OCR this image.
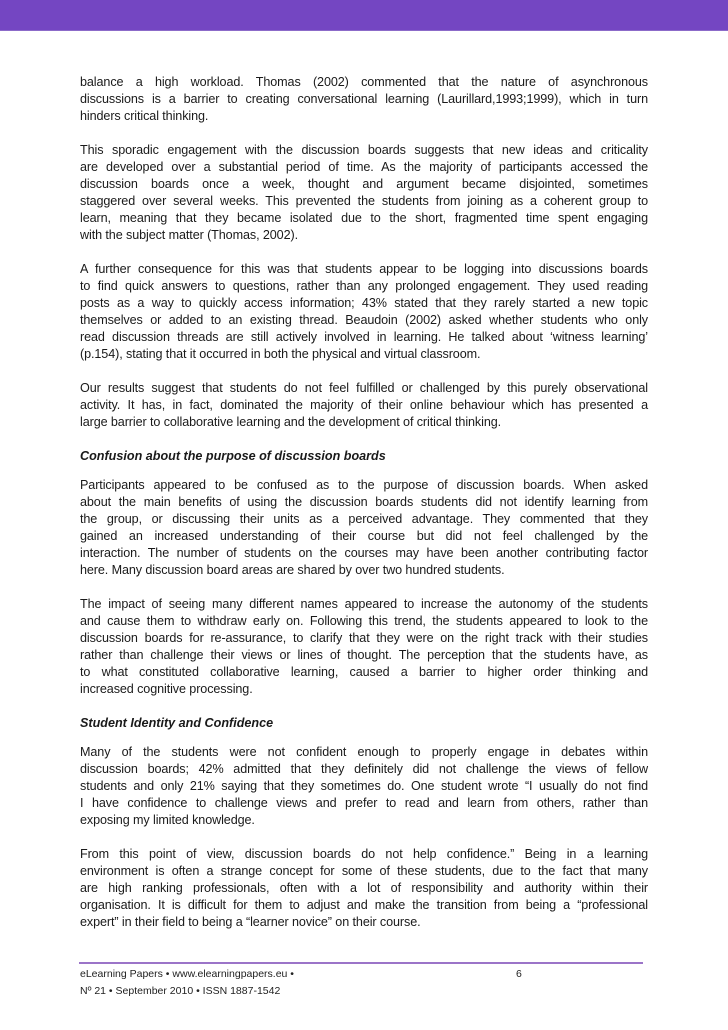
balance a high workload. Thomas (2002) commented that the nature of asynchronous
discussions is a barrier to creating conversational learning (Laurillard,1993;1999), which in turn
hinders critical thinking.
This sporadic engagement with the discussion boards suggests that new ideas and criticality
are developed over a substantial period of time. As the majority of participants accessed the
discussion boards once a week, thought and argument became disjointed, sometimes
staggered over several weeks. This prevented the students from joining as a coherent group to
learn, meaning that they became isolated due to the short, fragmented time spent engaging
with the subject matter (Thomas, 2002).
A further consequence for this was that students appear to be logging into discussions boards
to find quick answers to questions, rather than any prolonged engagement. They used reading
posts as a way to quickly access information; 43% stated that they rarely started a new topic
themselves or added to an existing thread. Beaudoin (2002) asked whether students who only
read discussion threads are still actively involved in learning. He talked about ‘witness learning’
(p.154), stating that it occurred in both the physical and virtual classroom.
Our results suggest that students do not feel fulfilled or challenged by this purely observational
activity. It has, in fact, dominated the majority of their online behaviour which has presented a
large barrier to collaborative learning and the development of critical thinking.
Confusion about the purpose of discussion boards
Participants appeared to be confused as to the purpose of discussion boards. When asked
about the main benefits of using the discussion boards students did not identify learning from
the group, or discussing their units as a perceived advantage. They commented that they
gained an increased understanding of their course but did not feel challenged by the
interaction. The number of students on the courses may have been another contributing factor
here. Many discussion board areas are shared by over two hundred students.
The impact of seeing many different names appeared to increase the autonomy of the students
and cause them to withdraw early on. Following this trend, the students appeared to look to the
discussion boards for re-assurance, to clarify that they were on the right track with their studies
rather than challenge their views or lines of thought. The perception that the students have, as
to what constituted collaborative learning, caused a barrier to higher order thinking and
increased cognitive processing.
Student Identity and Confidence
Many of the students were not confident enough to properly engage in debates within
discussion boards; 42% admitted that they definitely did not challenge the views of fellow
students and only 21% saying that they sometimes do. One student wrote “I usually do not find
I have confidence to challenge views and prefer to read and learn from others, rather than
exposing my limited knowledge.
From this point of view, discussion boards do not help confidence.” Being in a learning
environment is often a strange concept for some of these students, due to the fact that many
are high ranking professionals, often with a lot of responsibility and authority within their
organisation. It is difficult for them to adjust and make the transition from being a “professional
expert” in their field to being a “learner novice” on their course.
eLearning Papers • www.elearningpapers.eu •
Nº 21 • September 2010 • ISSN 1887-1542
6
